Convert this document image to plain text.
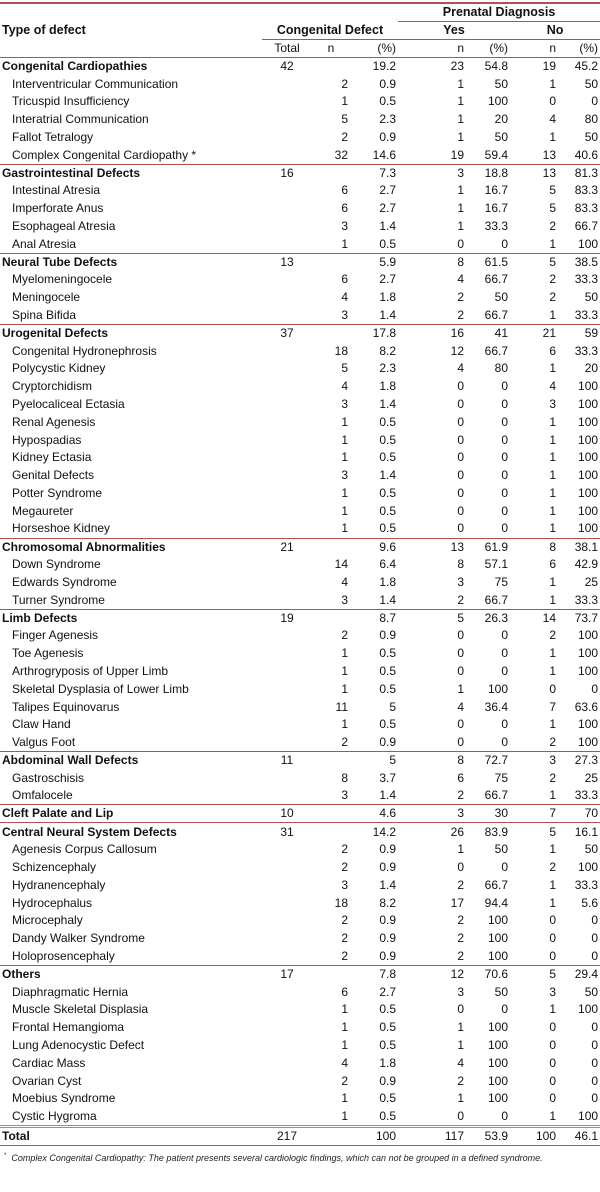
				Prenatal Diagnosis			
Type of defect	Congenital Defect			Yes		No	
	Total	n	(%)	n	(%)	n	(%)
Congenital Cardiopathies	42		19.2	23	54.8	19	45.2
Interventricular Communication		2	0.9	1	50	1	50
Tricuspid Insufficiency		1	0.5	1	100	0	0
Interatrial Communication		5	2.3	1	20	4	80
Fallot Tetralogy		2	0.9	1	50	1	50
Complex Congenital Cardiopathy *		32	14.6	19	59.4	13	40.6
Gastrointestinal Defects	16		7.3	3	18.8	13	81.3
Intestinal Atresia		6	2.7	1	16.7	5	83.3
Imperforate Anus		6	2.7	1	16.7	5	83.3
Esophageal Atresia		3	1.4	1	33.3	2	66.7
Anal Atresia		1	0.5	0	0	1	100
Neural Tube Defects	13		5.9	8	61.5	5	38.5
Myelomeningocele		6	2.7	4	66.7	2	33.3
Meningocele		4	1.8	2	50	2	50
Spina Bifida		3	1.4	2	66.7	1	33.3
Urogenital Defects	37		17.8	16	41	21	59
Congenital Hydronephrosis		18	8.2	12	66.7	6	33.3
Polycystic Kidney		5	2.3	4	80	1	20
Cryptorchidism		4	1.8	0	0	4	100
Pyelocaliceal Ectasia		3	1.4	0	0	3	100
Renal Agenesis		1	0.5	0	0	1	100
Hypospadias		1	0.5	0	0	1	100
Kidney Ectasia		1	0.5	0	0	1	100
Genital Defects		3	1.4	0	0	1	100
Potter Syndrome		1	0.5	0	0	1	100
Megaureter		1	0.5	0	0	1	100
Horseshoe Kidney		1	0.5	0	0	1	100
Chromosomal Abnormalities	21		9.6	13	61.9	8	38.1
Down Syndrome		14	6.4	8	57.1	6	42.9
Edwards Syndrome		4	1.8	3	75	1	25
Turner Syndrome		3	1.4	2	66.7	1	33.3
Limb Defects	19		8.7	5	26.3	14	73.7
Finger Agenesis		2	0.9	0	0	2	100
Toe Agenesis		1	0.5	0	0	1	100
Arthrogryposis of Upper Limb		1	0.5	0	0	1	100
Skeletal Dysplasia of Lower Limb		1	0.5	1	100	0	0
Talipes Equinovarus		11	5	4	36.4	7	63.6
Claw Hand		1	0.5	0	0	1	100
Valgus Foot		2	0.9	0	0	2	100
Abdominal Wall Defects	11		5	8	72.7	3	27.3
Gastroschisis		8	3.7	6	75	2	25
Omfalocele		3	1.4	2	66.7	1	33.3
Cleft Palate and Lip	10		4.6	3	30	7	70
Central Neural System Defects	31		14.2	26	83.9	5	16.1
Agenesis Corpus Callosum		2	0.9	1	50	1	50
Schizencephaly		2	0.9	0	0	2	100
Hydranencephaly		3	1.4	2	66.7	1	33.3
Hydrocephalus		18	8.2	17	94.4	1	5.6
Microcephaly		2	0.9	2	100	0	0
Dandy Walker Syndrome		2	0.9	2	100	0	0
Holoprosencephaly		2	0.9	2	100	0	0
Others	17		7.8	12	70.6	5	29.4
Diaphragmatic Hernia		6	2.7	3	50	3	50
Muscle Skeletal Displasia		1	0.5	0	0	1	100
Frontal Hemangioma		1	0.5	1	100	0	0
Lung Adenocystic Defect		1	0.5	1	100	0	0
Cardiac Mass		4	1.8	4	100	0	0
Ovarian Cyst		2	0.9	2	100	0	0
Moebius Syndrome		1	0.5	1	100	0	0
Cystic Hygroma		1	0.5	0	0	1	100
Total	217		100	117	53.9	100	46.1
* Complex Congenital Cardiopathy: The patient presents several cardiologic findings, which can not be grouped in a defined syndrome.
